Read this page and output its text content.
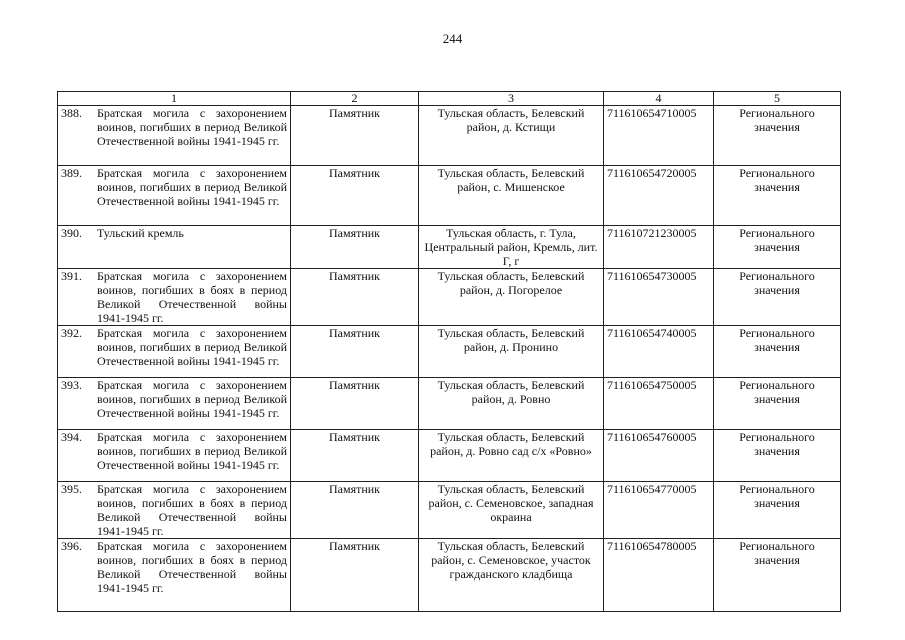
244
1	2	3	4	5

388. Братская могила с захоронением воинов, погибших в период Великой Отечественной войны 1941-1945 гг.	Памятник	Тульская область, Белевский район, д. Кстищи	711610654710005	Регионального значения

389. Братская могила с захоронением воинов, погибших в период Великой Отечественной войны 1941-1945 гг.	Памятник	Тульская область, Белевский район, с. Мишенское	711610654720005	Регионального значения

390. Тульский кремль	Памятник	Тульская область, г. Тула, Центральный район, Кремль, лит. Г, г	711610721230005	Регионального значения

391. Братская могила с захоронением воинов, погибших в боях в период Великой Отечественной войны 1941-1945 гг.	Памятник	Тульская область, Белевский район, д. Погорелое	711610654730005	Регионального значения

392. Братская могила с захоронением воинов, погибших в период Великой Отечественной войны 1941-1945 гг.	Памятник	Тульская область, Белевский район, д. Пронино	711610654740005	Регионального значения

393. Братская могила с захоронением воинов, погибших в период Великой Отечественной войны 1941-1945 гг.	Памятник	Тульская область, Белевский район, д. Ровно	711610654750005	Регионального значения

394. Братская могила с захоронением воинов, погибших в период Великой Отечественной войны 1941-1945 гг.	Памятник	Тульская область, Белевский район, д. Ровно сад с/х «Ровно»	711610654760005	Регионального значения

395. Братская могила с захоронением воинов, погибших в боях в период Великой Отечественной войны 1941-1945 гг.	Памятник	Тульская область, Белевский район, с. Семеновское, западная окраина	711610654770005	Регионального значения

396. Братская могила с захоронением воинов, погибших в боях в период Великой Отечественной войны 1941-1945 гг.	Памятник	Тульская область, Белевский район, с. Семеновское, участок гражданского кладбища	711610654780005	Регионального значения
